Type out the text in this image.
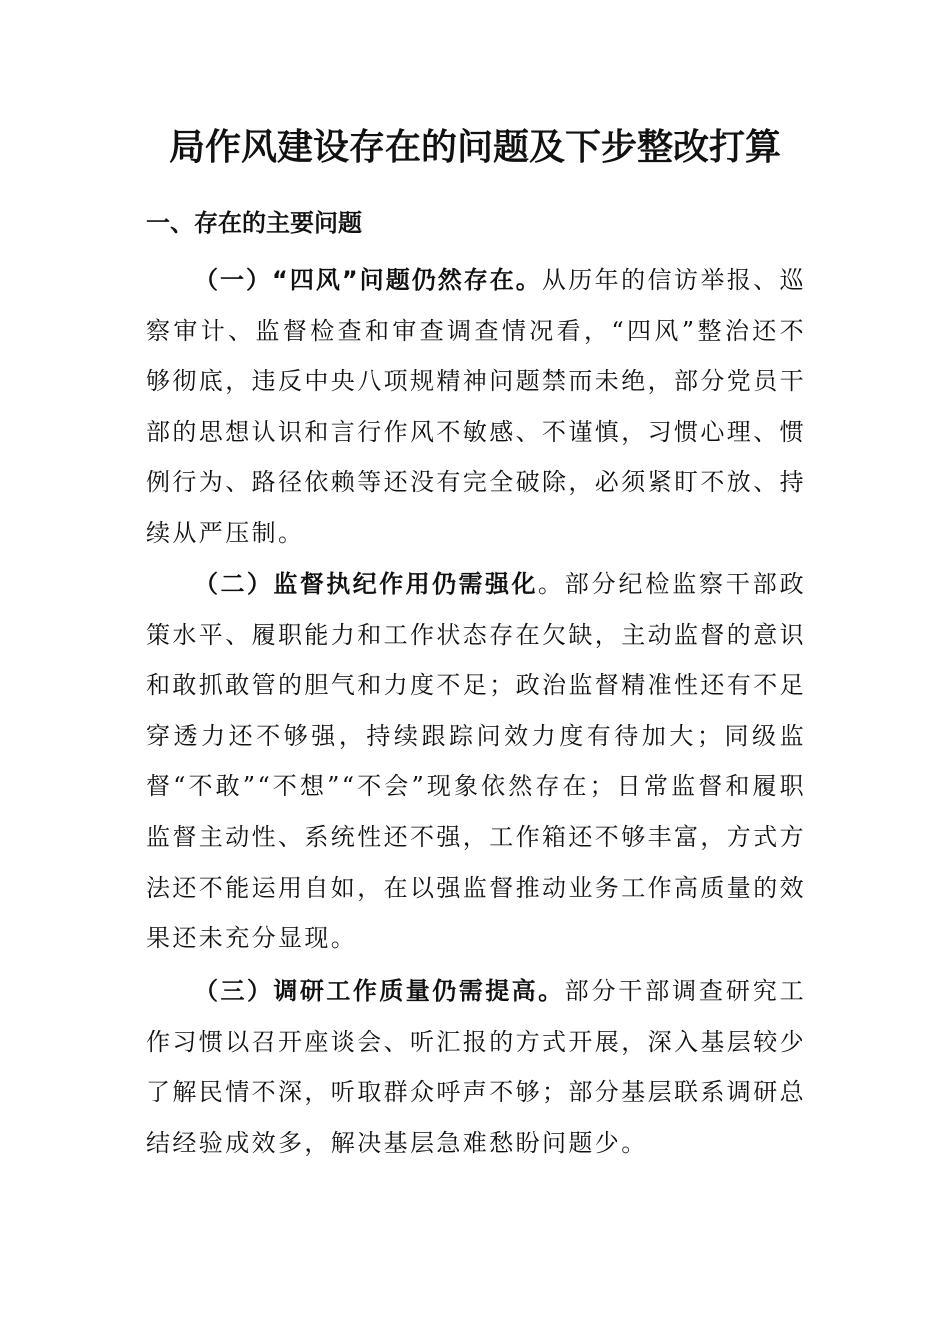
局作风建设存在的问题及下步整改打算
一、存在的主要问题

（一）“四风”问题仍然存在。从历年的信访举报、巡察审计、监督检查和审查调查情况看，“四风”整治还不够彻底，违反中央八项规精神问题禁而未绝，部分党员干部的思想认识和言行作风不敏感、不谨慎，习惯心理、惯例行为、路径依赖等还没有完全破除，必须紧盯不放、持续从严压制。

（二）监督执纪作用仍需强化。部分纪检监察干部政策水平、履职能力和工作状态存在欠缺，主动监督的意识和敢抓敢管的胆气和力度不足；政治监督精准性还有不足穿透力还不够强，持续跟踪问效力度有待加大；同级监督“不敢”“不想”“不会”现象依然存在；日常监督和履职监督主动性、系统性还不强，工作箱还不够丰富，方式方法还不能运用自如，在以强监督推动业务工作高质量的效果还未充分显现。

（三）调研工作质量仍需提高。部分干部调查研究工作习惯以召开座谈会、听汇报的方式开展，深入基层较少了解民情不深，听取群众呼声不够；部分基层联系调研总结经验成效多，解决基层急难愁盼问题少。
